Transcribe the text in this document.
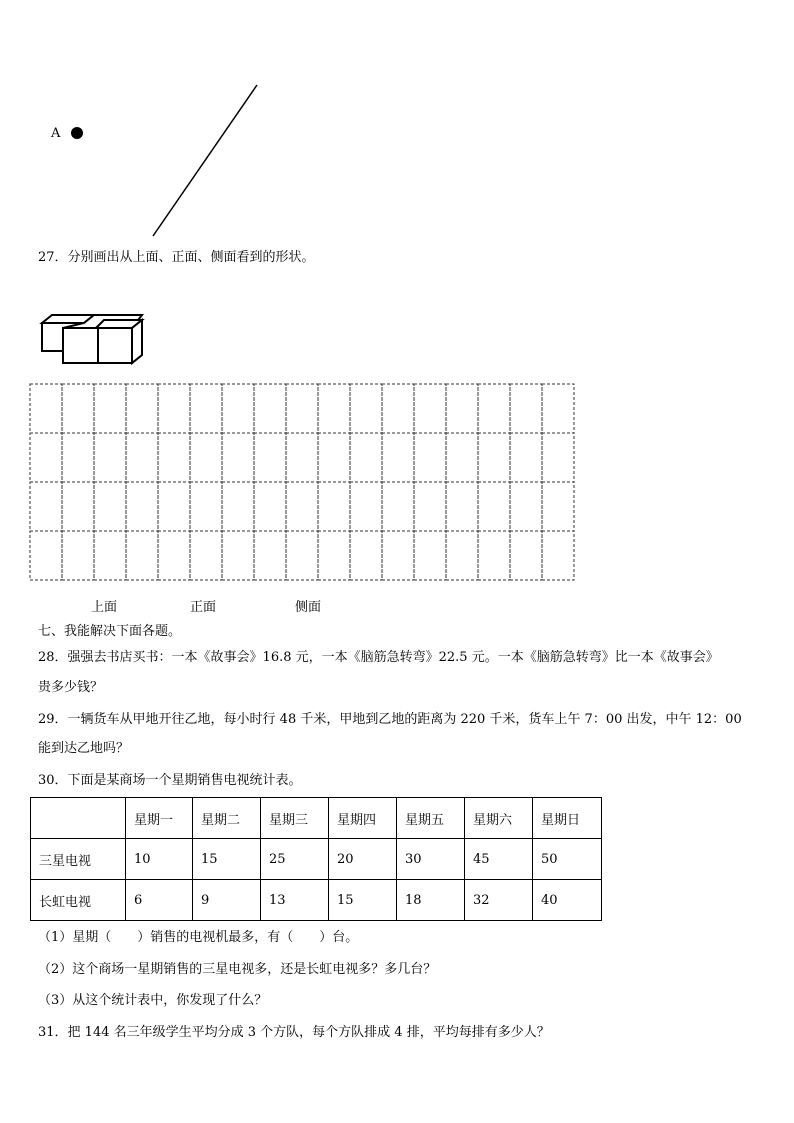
A
27．分别画出从上面、正面、侧面看到的形状。
上面	正面	侧面
七、我能解决下面各题。
28．强强去书店买书：一本《故事会》16.8 元，一本《脑筋急转弯》22.5 元。一本《脑筋急转弯》比一本《故事会》
贵多少钱？
29．一辆货车从甲地开往乙地，每小时行 48 千米，甲地到乙地的距离为 220 千米，货车上午 7：00 出发，中午 12：00
能到达乙地吗？
30．下面是某商场一个星期销售电视统计表。
	星期一	星期二	星期三	星期四	星期五	星期六	星期日
三星电视	10	15	25	20	30	45	50
长虹电视	6	9	13	15	18	32	40
（1）星期（　　）销售的电视机最多，有（　　）台。
（2）这个商场一星期销售的三星电视多，还是长虹电视多？多几台？
（3）从这个统计表中，你发现了什么？
31．把 144 名三年级学生平均分成 3 个方队，每个方队排成 4 排，平均每排有多少人？
